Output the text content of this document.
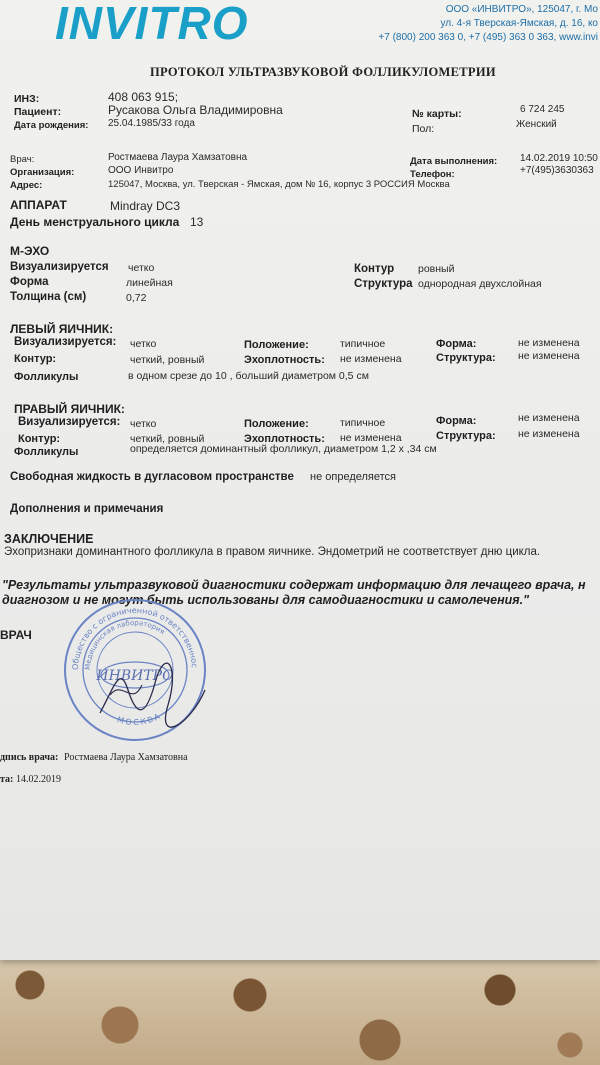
INVITRO	ООО «ИНВИТРО», 125047, г. Мо
ул. 4-я Тверская-Ямская, д. 16, ко
+7 (800) 200 363 0, +7 (495) 363 0 363, www.invi
ПРОТОКОЛ УЛЬТРАЗВУКОВОЙ ФОЛЛИКУЛОМЕТРИИ
ИНЗ:	408 063 915;
Пациент:	Русакова Ольга Владимировна
Дата рождения: 25.04.1985/33 года
№ карты:	6 724 245
Пол:	Женский
Врач:	Ростмаева Лаура Хамзатовна
Организация:	ООО Инвитро
Адрес:	125047, Москва, ул. Тверская - Ямская, дом № 16, корпус 3 РОССИЯ Москва
Дата выполнения: 14.02.2019 10:50
Телефон:	+7(495)3630363
АППАРАТ	Mindray DC3
День менструального цикла 13
М-ЭХО
Визуализируется четко	Контур ровный
Форма	линейная	Структура однородная двухслойная
Толщина (см)	0,72
ЛЕВЫЙ ЯИЧНИК:
Визуализируется: четко	Положение:	типичное	Форма:	не изменена
Контур:	четкий, ровный	Эхоплотность: не изменена	Структура: не изменена
Фолликулы	в одном срезе до 10 , больший диаметром 0,5 см
ПРАВЫЙ ЯИЧНИК:
Визуализируется: четко	Положение:	типичное	Форма:	не изменена
Контур:	четкий, ровный	Эхоплотность: не изменена	Структура: не изменена
Фолликулы	определяется доминантный фолликул, диаметром 1,2 х ,34 см
Свободная жидкость в дугласовом пространстве не определяется
Дополнения и примечания
ЗАКЛЮЧЕНИЕ
Эхопризнаки доминантного фолликула в правом яичнике. Эндометрий не соответствует дню цикла.
"Результаты ультразвуковой диагностики содержат информацию для лечащего врача, н
диагнозом и не могут быть использованы для самодиагностики и самолечения."
ВРАЧ
Общество с ограниченной ответственнос
Медицинская лаборатория
МОСКВА
ИНВИТРО
дпись врача: Ростмаева Лаура Хамзатовна
та: 14.02.2019
